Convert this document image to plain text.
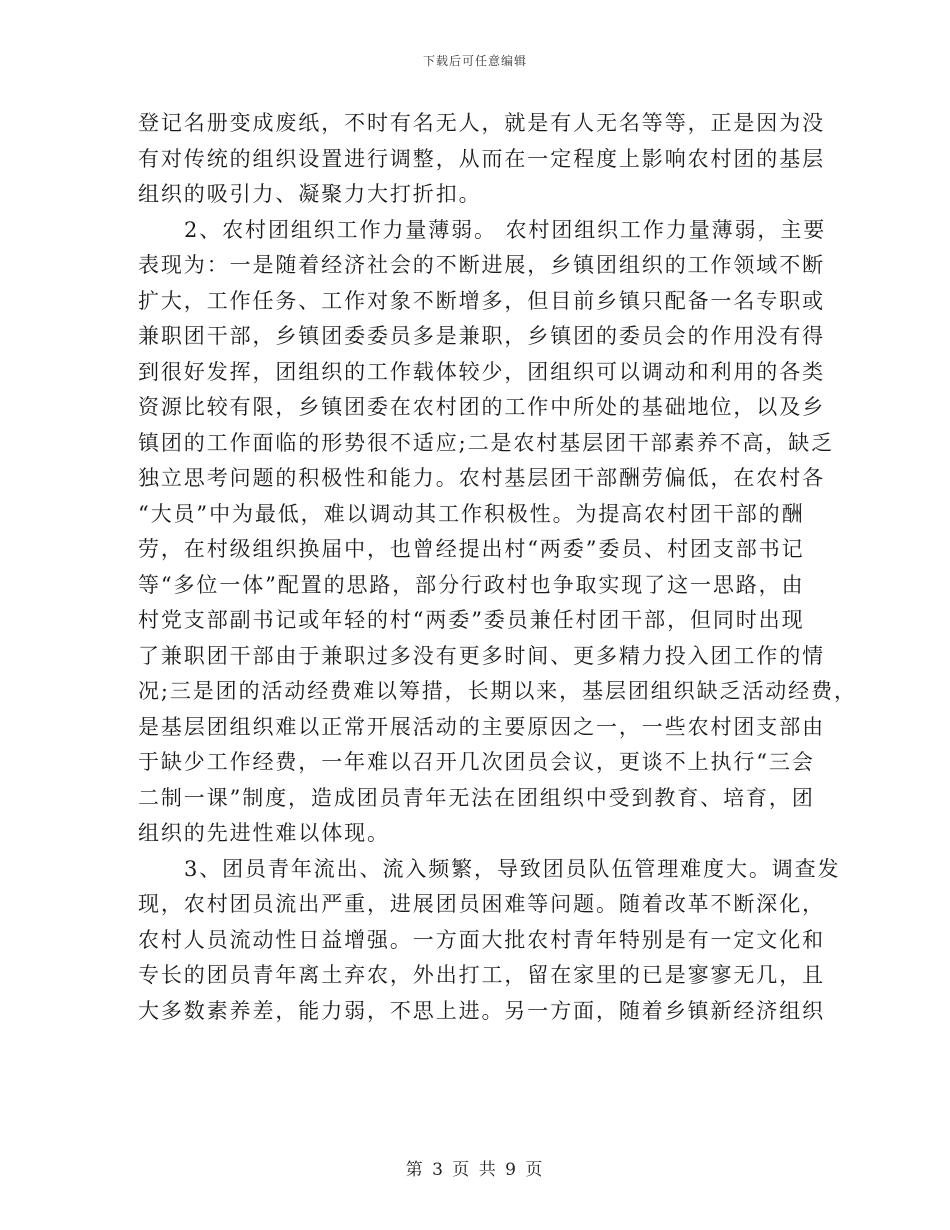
下载后可任意编辑
登记名册变成废纸，不时有名无人，就是有人无名等等，正是因为没
有对传统的组织设置进行调整，从而在一定程度上影响农村团的基层
组织的吸引力、凝聚力大打折扣。
2、农村团组织工作力量薄弱。 农村团组织工作力量薄弱，主要
表现为：一是随着经济社会的不断进展，乡镇团组织的工作领域不断
扩大，工作任务、工作对象不断增多，但目前乡镇只配备一名专职或
兼职团干部，乡镇团委委员多是兼职，乡镇团的委员会的作用没有得
到很好发挥，团组织的工作载体较少，团组织可以调动和利用的各类
资源比较有限，乡镇团委在农村团的工作中所处的基础地位，以及乡
镇团的工作面临的形势很不适应;二是农村基层团干部素养不高，缺乏
独立思考问题的积极性和能力。农村基层团干部酬劳偏低，在农村各
“大员”中为最低，难以调动其工作积极性。为提高农村团干部的酬
劳，在村级组织换届中，也曾经提出村“两委”委员、村团支部书记
等“多位一体”配置的思路，部分行政村也争取实现了这一思路，由
村党支部副书记或年轻的村“两委”委员兼任村团干部，但同时出现
了兼职团干部由于兼职过多没有更多时间、更多精力投入团工作的情
况;三是团的活动经费难以筹措，长期以来，基层团组织缺乏活动经费，
是基层团组织难以正常开展活动的主要原因之一，一些农村团支部由
于缺少工作经费，一年难以召开几次团员会议，更谈不上执行“三会
二制一课”制度，造成团员青年无法在团组织中受到教育、培育，团
组织的先进性难以体现。
3、团员青年流出、流入频繁，导致团员队伍管理难度大。调查发
现，农村团员流出严重，进展团员困难等问题。随着改革不断深化，
农村人员流动性日益增强。一方面大批农村青年特别是有一定文化和
专长的团员青年离土弃农，外出打工，留在家里的已是寥寥无几，且
大多数素养差，能力弱，不思上进。另一方面，随着乡镇新经济组织
第 3 页 共 9 页
